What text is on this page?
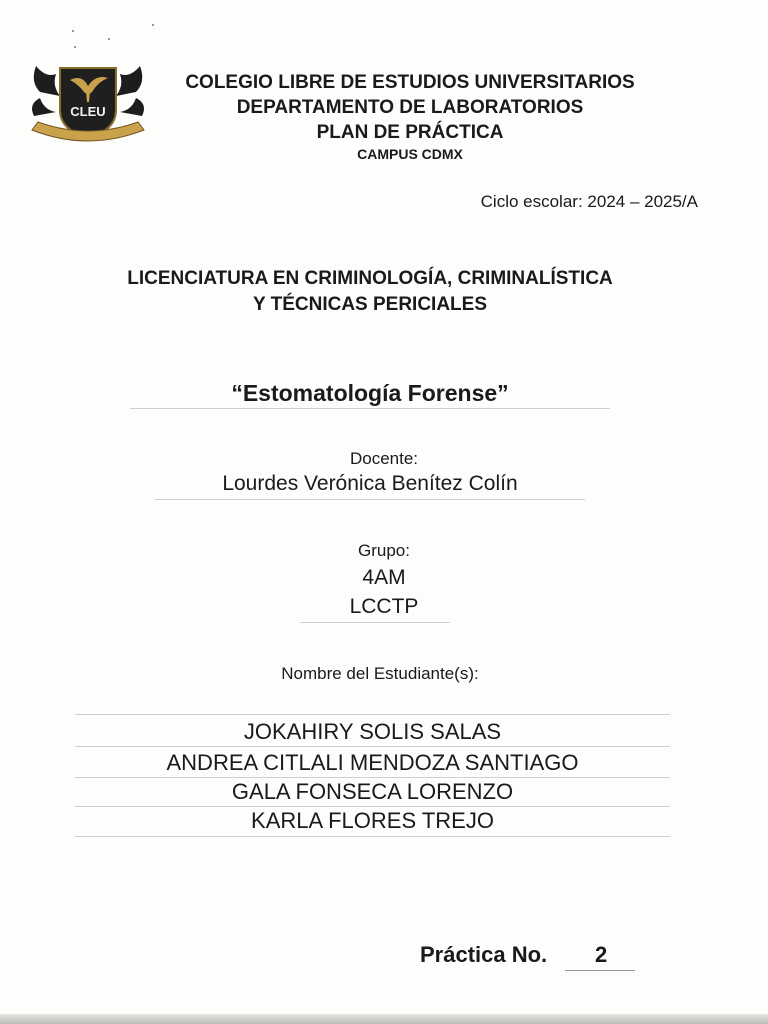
CLEU
COLEGIO LIBRE DE ESTUDIOS UNIVERSITARIOS
DEPARTAMENTO DE LABORATORIOS
PLAN DE PRÁCTICA
CAMPUS CDMX
Ciclo escolar: 2024 – 2025/A
LICENCIATURA EN CRIMINOLOGÍA, CRIMINALÍSTICA
Y TÉCNICAS PERICIALES
“Estomatología Forense”
Docente:
Lourdes Verónica Benítez Colín
Grupo:
4AM
LCCTP
Nombre del Estudiante(s):
JOKAHIRY SOLIS SALAS
ANDREA CITLALI MENDOZA SANTIAGO
GALA FONSECA LORENZO
KARLA FLORES TREJO
Práctica No. 2
